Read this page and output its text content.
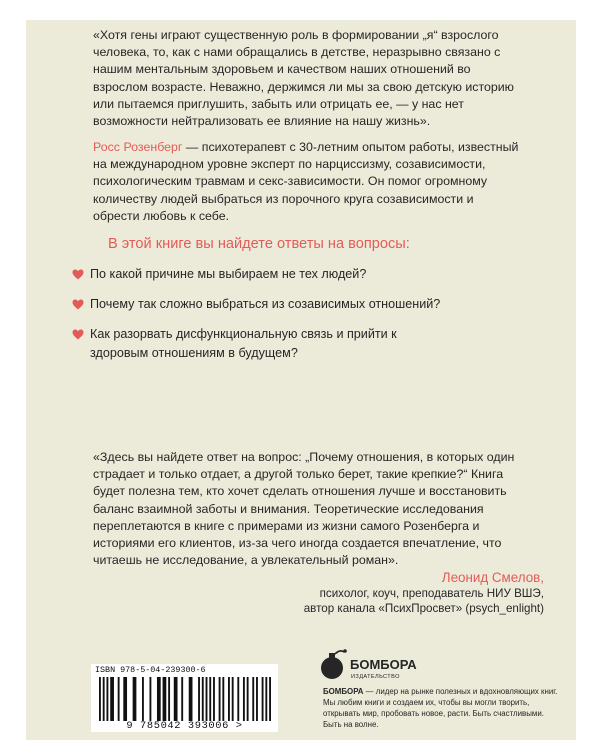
«Хотя гены играют существенную роль в формировании „я“ взрослого человека, то, как с нами обращались в детстве, неразрывно связано с нашим ментальным здоровьем и качеством наших отношений во взрослом возрасте. Неважно, держимся ли мы за свою детскую историю или пытаемся приглушить, забыть или отрицать ее, — у нас нет возможности нейтрализовать ее влияние на нашу жизнь».

Росс Розенберг — психотерапевт с 30-летним опытом работы, известный на международном уровне эксперт по нарциссизму, созависимости, психологическим травмам и секс-зависимости. Он помог огромному количеству людей выбраться из порочного круга созависимости и обрести любовь к себе.

В этой книге вы найдете ответы на вопросы:
По какой причине мы выбираем не тех людей?
Почему так сложно выбраться из созависимых отношений?
Как разорвать дисфункциональную связь и прийти к здоровым отношениям в будущем?

«Здесь вы найдете ответ на вопрос: „Почему отношения, в которых один страдает и только отдает, а другой только берет, такие крепкие?“ Книга будет полезна тем, кто хочет сделать отношения лучше и восстановить баланс взаимной заботы и внимания. Теоретические исследования переплетаются в книге с примерами из жизни самого Розенберга и историями его клиентов, из-за чего иногда создается впечатление, что читаешь не исследование, а увлекательный роман».

Леонид Смелов,
психолог, коуч, преподаватель НИУ ВШЭ,
автор канала «ПсихПросвет» (psych_enlight)
ISBN 978-5-04-239300-6
9 785042 393006 >
БОМБОРА
ИЗДАТЕЛЬСТВО
БОМБОРА — лидер на рынке полезных и вдохновляющих книг. Мы любим книги и создаем их, чтобы вы могли творить, открывать мир, пробовать новое, расти. Быть счастливыми. Быть на волне.
